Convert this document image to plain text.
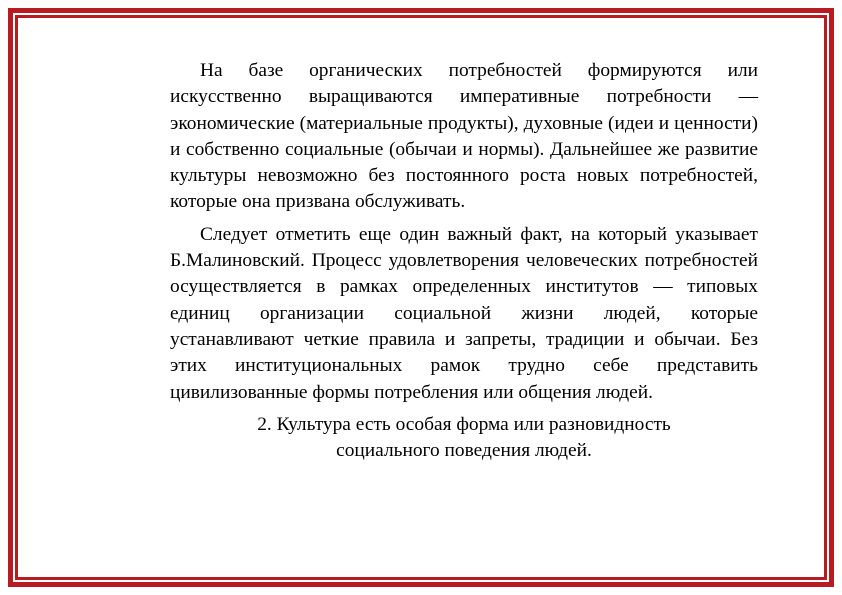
На базе органических потребностей формируются или искусственно выращиваются императивные потребности — экономические (материальные продукты), духовные (идеи и ценности) и собственно социальные (обычаи и нормы). Дальнейшее же развитие культуры невозможно без постоянного роста новых потребностей, которые она призвана обслуживать.

Следует отметить еще один важный факт, на который указывает Б.Малиновский. Процесс удовлетворения человеческих потребностей осуществляется в рамках определенных институтов — типовых единиц организации социальной жизни людей, которые устанавливают четкие правила и запреты, традиции и обычаи. Без этих институциональных рамок трудно себе представить цивилизованные формы потребления или общения людей.

2. Культура есть особая форма или разновидность социального поведения людей.
